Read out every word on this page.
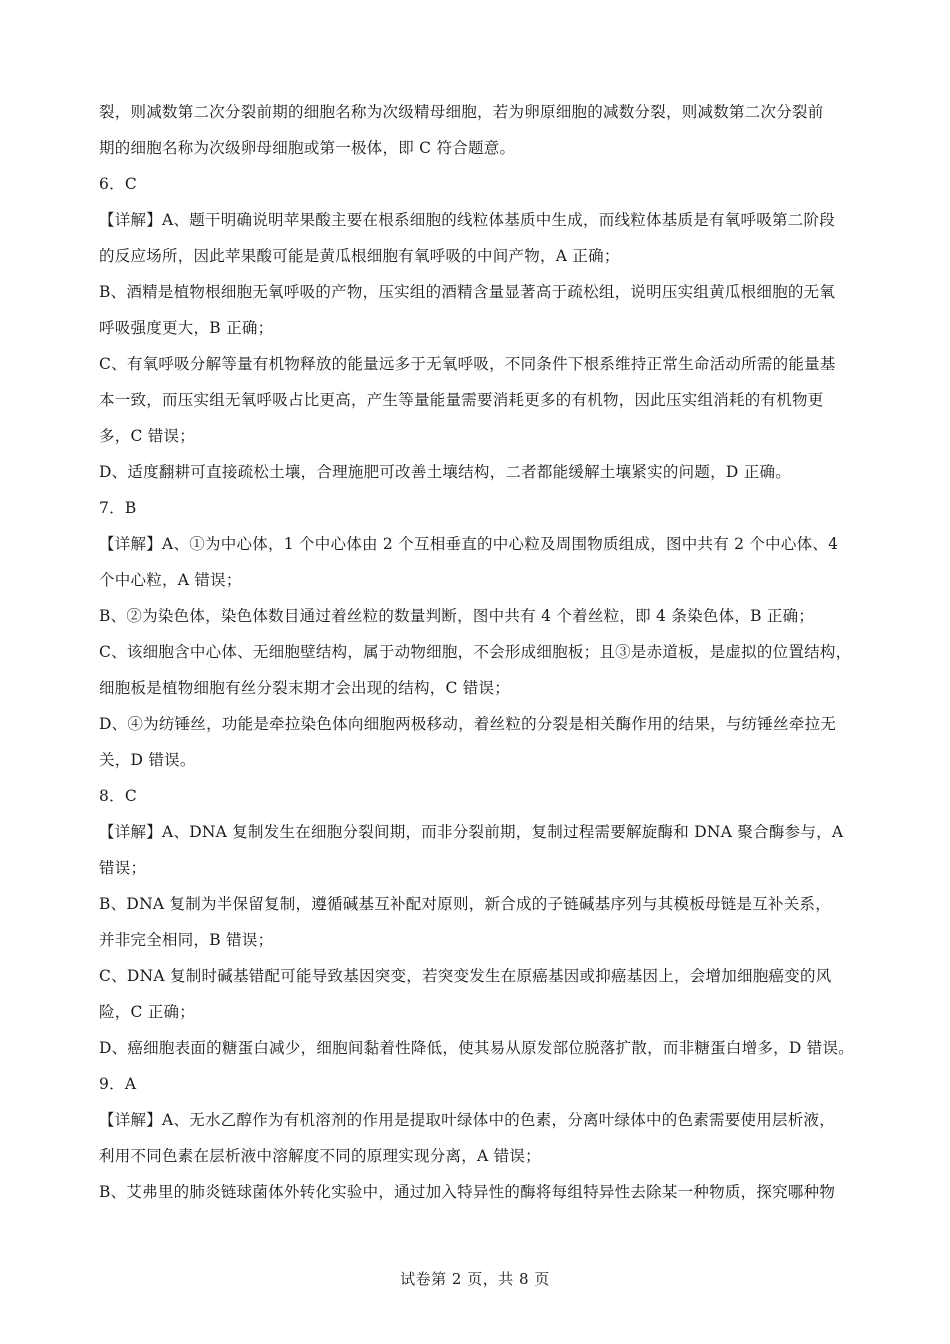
裂，则减数第二次分裂前期的细胞名称为次级精母细胞，若为卵原细胞的减数分裂，则减数第二次分裂前
期的细胞名称为次级卵母细胞或第一极体，即 C 符合题意。
6．C
【详解】A、题干明确说明苹果酸主要在根系细胞的线粒体基质中生成，而线粒体基质是有氧呼吸第二阶段
的反应场所，因此苹果酸可能是黄瓜根细胞有氧呼吸的中间产物，A 正确；
B、酒精是植物根细胞无氧呼吸的产物，压实组的酒精含量显著高于疏松组，说明压实组黄瓜根细胞的无氧
呼吸强度更大，B 正确；
C、有氧呼吸分解等量有机物释放的能量远多于无氧呼吸，不同条件下根系维持正常生命活动所需的能量基
本一致，而压实组无氧呼吸占比更高，产生等量能量需要消耗更多的有机物，因此压实组消耗的有机物更
多，C 错误；
D、适度翻耕可直接疏松土壤，合理施肥可改善土壤结构，二者都能缓解土壤紧实的问题，D 正确。
7．B
【详解】A、①为中心体，1 个中心体由 2 个互相垂直的中心粒及周围物质组成，图中共有 2 个中心体、4
个中心粒，A 错误；
B、②为染色体，染色体数目通过着丝粒的数量判断，图中共有 4 个着丝粒，即 4 条染色体，B 正确；
C、该细胞含中心体、无细胞壁结构，属于动物细胞，不会形成细胞板；且③是赤道板，是虚拟的位置结构，
细胞板是植物细胞有丝分裂末期才会出现的结构，C 错误；
D、④为纺锤丝，功能是牵拉染色体向细胞两极移动，着丝粒的分裂是相关酶作用的结果，与纺锤丝牵拉无
关，D 错误。
8．C
【详解】A、DNA 复制发生在细胞分裂间期，而非分裂前期，复制过程需要解旋酶和 DNA 聚合酶参与，A
错误；
B、DNA 复制为半保留复制，遵循碱基互补配对原则，新合成的子链碱基序列与其模板母链是互补关系，
并非完全相同，B 错误；
C、DNA 复制时碱基错配可能导致基因突变，若突变发生在原癌基因或抑癌基因上，会增加细胞癌变的风
险，C 正确；
D、癌细胞表面的糖蛋白减少，细胞间黏着性降低，使其易从原发部位脱落扩散，而非糖蛋白增多，D 错误。
9．A
【详解】A、无水乙醇作为有机溶剂的作用是提取叶绿体中的色素，分离叶绿体中的色素需要使用层析液，
利用不同色素在层析液中溶解度不同的原理实现分离，A 错误；
B、艾弗里的肺炎链球菌体外转化实验中，通过加入特异性的酶将每组特异性去除某一种物质，探究哪种物
试卷第 2 页，共 8 页
